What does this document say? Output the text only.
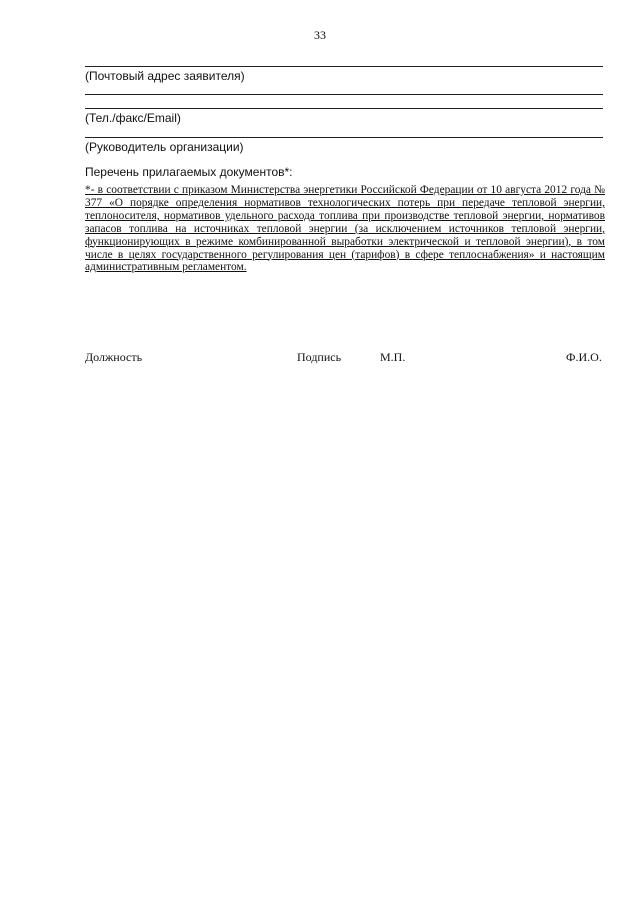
33
(Почтовый адрес заявителя)
(Тел./факс/Email)
(Руководитель организации)
Перечень прилагаемых документов*:
*- в соответствии с приказом Министерства энергетики Российской Федерации от 10 августа 2012 года № 377 «О порядке определения нормативов технологических потерь при передаче тепловой энергии, теплоносителя, нормативов удельного расхода топлива при производстве тепловой энергии, нормативов запасов топлива на источниках тепловой энергии (за исключением источников тепловой энергии, функционирующих в режиме комбинированной выработки электрической и тепловой энергии), в том числе в целях государственного регулирования цен (тарифов) в сфере теплоснабжения» и настоящим административным регламентом.
Должность	Подпись	М.П.	Ф.И.О.
